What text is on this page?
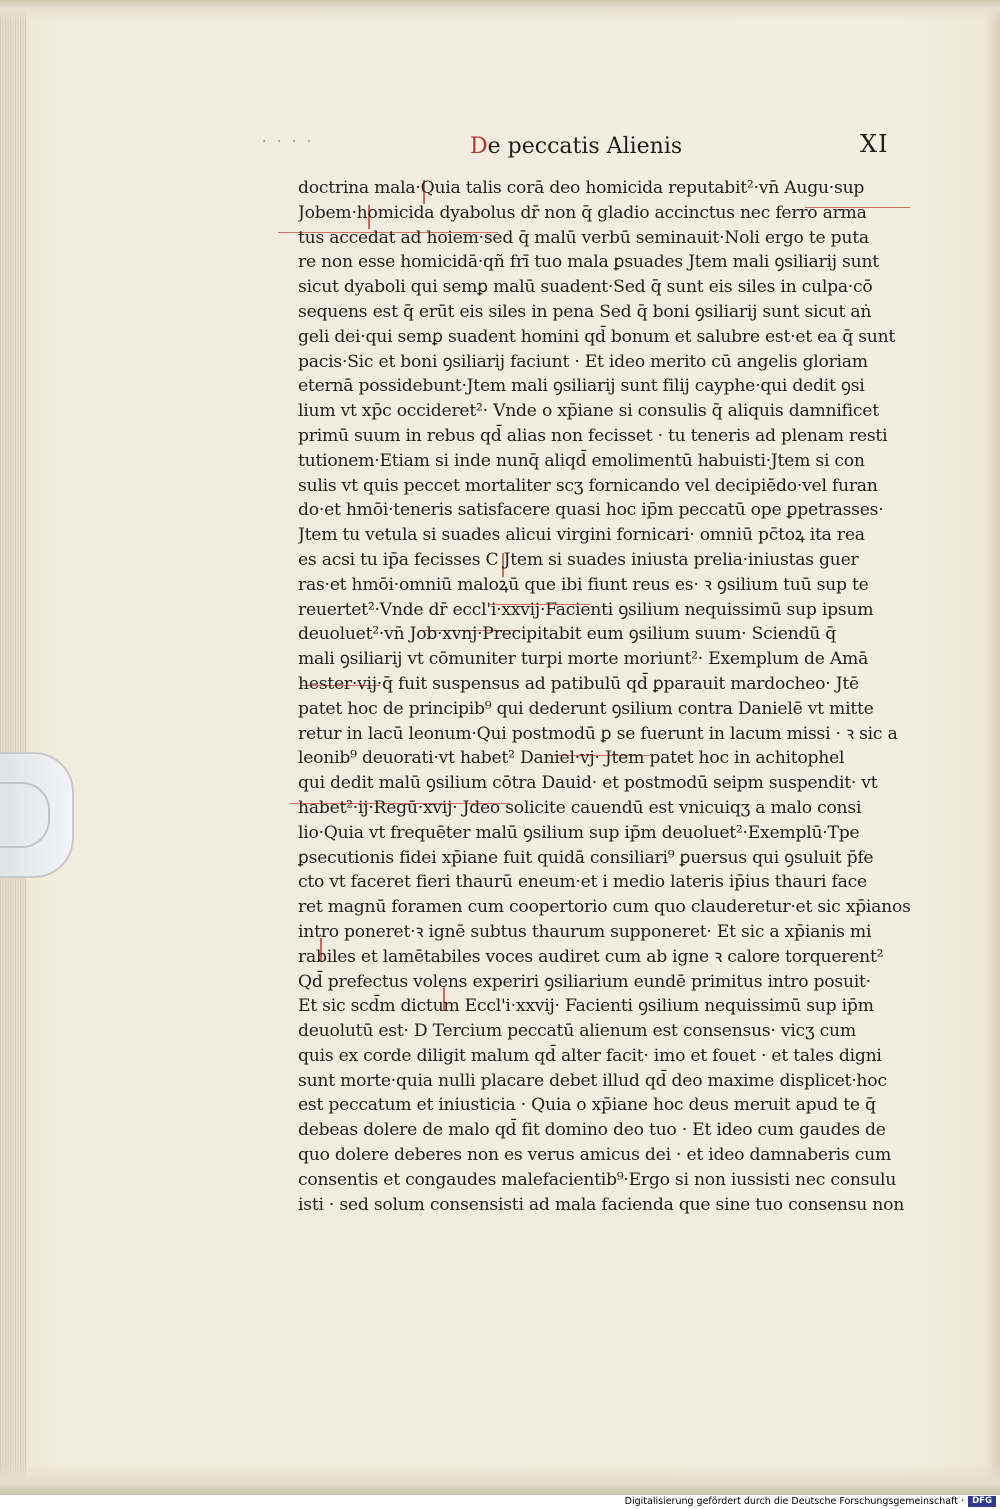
· · · ·	De peccatis Alienis	XI
doctrina mala·Quia talis corā deo homicida reputabit²·vn̄ Augu·sup
Jobem·homicida dyabolus dr̄ non q̄ gladio accinctus nec ferro arma
tus accedat ad hoiem·sed q̄ malū verbū seminauit·Noli ergo te puta
re non esse homicidā·qñ frī tuo mala ꝑsuades Jtem mali ꝯsiliarij sunt
sicut dyaboli qui semꝑ malū suadent·Sed q̄ sunt eis siles in culpa·cō
sequens est q̄ erūt eis siles in pena Sed q̄ boni ꝯsiliarij sunt sicut aṅ
geli dei·qui semꝑ suadent homini qd̄ bonum et salubre est·et ea q̄ sunt
pacis·Sic et boni ꝯsiliarij faciunt · Et ideo merito cū angelis gloriam
eternā possidebunt·Jtem mali ꝯsiliarij sunt filij cayphe·qui dedit ꝯsi
lium vt xp̄c occideret²· Vnde o xp̄iane si consulis q̄ aliquis damnificet
primū suum in rebus qd̄ alias non fecisset · tu teneris ad plenam resti
tutionem·Etiam si inde nunq̄ aliqd̄ emolimentū habuisti·Jtem si con
sulis vt quis peccet mortaliter scʒ fornicando vel decipiēdo·vel furan
do·et hmōi·teneris satisfacere quasi hoc ip̄m peccatū ope ꝑpetrasses·
Jtem tu vetula si suades alicui virgini fornicari· omniū pc̄toꝝ ita rea
es acsi tu ip̄a fecisses C Jtem si suades iniusta prelia·iniustas guer
ras·et hmōi·omniū maloꝝū que ibi fiunt reus es· ꝛ ꝯsilium tuū sup te
reuertet²·Vnde dr̄ eccl'i·xxvij·Facienti ꝯsilium nequissimū sup ipsum
deuoluet²·vn̄ Job·xvnj·Precipitabit eum ꝯsilium suum· Sciendū q̄
mali ꝯsiliarij vt cōmuniter turpi morte moriunt²· Exemplum de Amā
hester·vij·q̄ fuit suspensus ad patibulū qd̄ ꝑparauit mardocheo· Jtē
patet hoc de principib⁹ qui dederunt ꝯsilium contra Danielē vt mitte
retur in lacū leonum·Qui postmodū ꝑ se fuerunt in lacum missi · ꝛ sic a
leonib⁹ deuorati·vt habet² Daniel·vj· Jtem patet hoc in achitophel
qui dedit malū ꝯsilium cōtra Dauid· et postmodū seipm suspendit· vt
habet²·ij·Regū·xvij· Jdeo solicite cauendū est vnicuiqʒ a malo consi
lio·Quia vt frequēter malū ꝯsilium sup ip̄m deuoluet²·Exemplū·Tpe
ꝑsecutionis fidei xp̄iane fuit quidā consiliari⁹ ꝑuersus qui ꝯsuluit p̄fe
cto vt faceret fieri thaurū eneum·et i medio lateris ip̄ius thauri face
ret magnū foramen cum coopertorio cum quo clauderetur·et sic xp̄ianos
intro poneret·ꝛ ignē subtus thaurum supponeret· Et sic a xp̄ianis mi
rabiles et lamētabiles voces audiret cum ab igne ꝛ calore torquerent²
Qd̄ prefectus volens experiri ꝯsiliarium eundē primitus intro posuit·
Et sic scd̄m dictum Eccl'i·xxvij· Facienti ꝯsilium nequissimū sup ip̄m
deuolutū est· D Tercium peccatū alienum est consensus· vicʒ cum
quis ex corde diligit malum qd̄ alter facit· imo et fouet · et tales digni
sunt morte·quia nulli placare debet illud qd̄ deo maxime displicet·hoc
est peccatum et iniusticia · Quia o xp̄iane hoc deus meruit apud te q̄
debeas dolere de malo qd̄ fit domino deo tuo · Et ideo cum gaudes de
quo dolere deberes non es verus amicus dei · et ideo damnaberis cum
consentis et congaudes malefacientib⁹·Ergo si non iussisti nec consulu
isti · sed solum consensisti ad mala facienda que sine tuo consensu non
Digitalisierung gefördert durch die Deutsche Forschungsgemeinschaft · DFG
